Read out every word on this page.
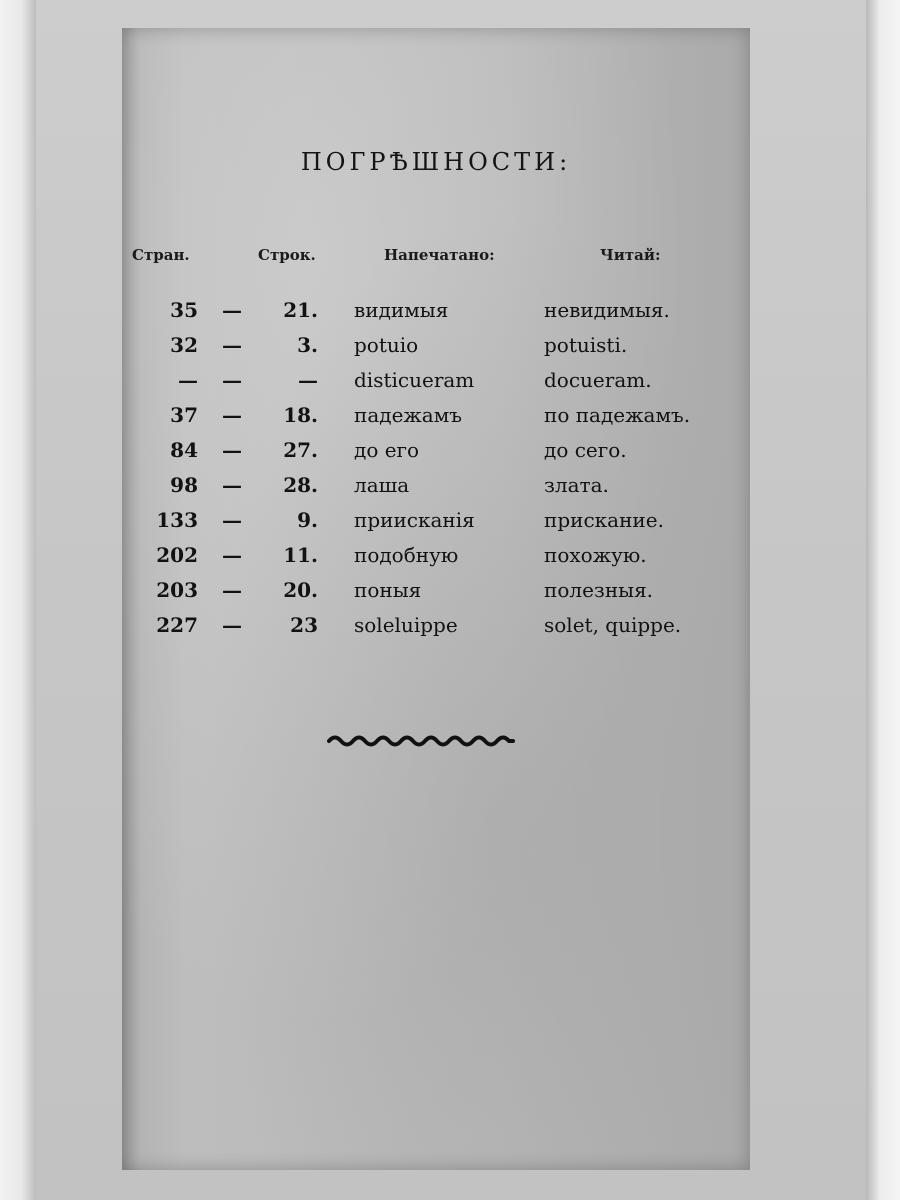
ПОГРѢШНОСТИ:
Стран.	Строк.	Напечатано:	Читай:
35 — 21. видимыя	невидимыя.
32 —	3. potuio	potuisti.
— —	— disticueram	docueram.
37 — 18. падежамъ	по падежамъ.
84 — 27. до его	до сего.
98 — 28. лаша	злата.
133 —	9. приисканія	прискание.
202 — 11. подобную	похожую.
203 — 20. поныя	полезныя.
227 — 23 soleluippe	solet, quippe.
